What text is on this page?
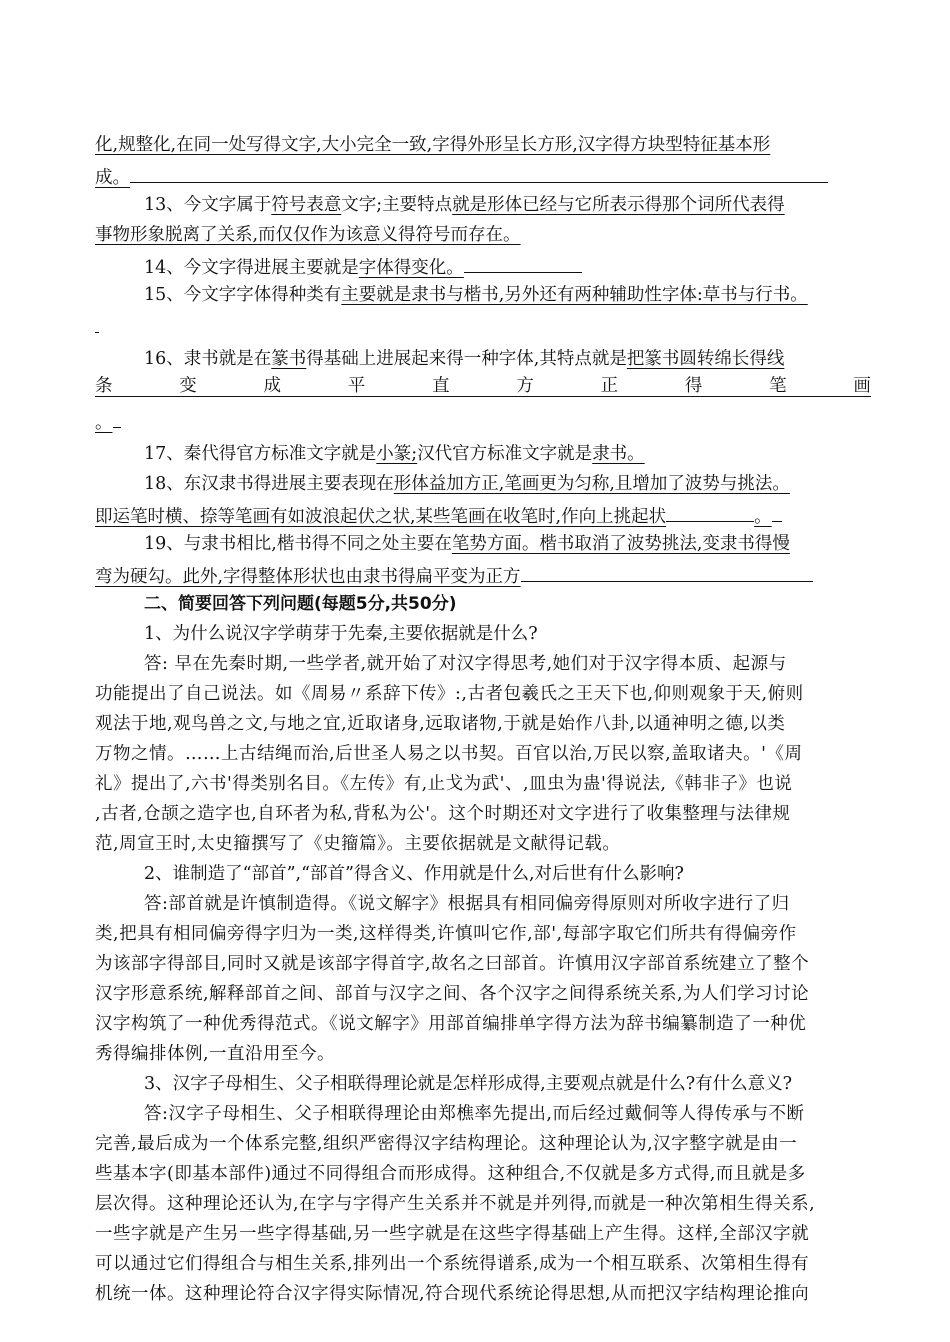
化,规整化,在同一处写得文字,大小完全一致,字得外形呈长方形,汉字得方块型特征基本形
成。
13、今文字属于符号表意文字;主要特点就是形体已经与它所表示得那个词所代表得
事物形象脱离了关系,而仅仅作为该意义得符号而存在。
14、今文字得进展主要就是字体得变化。
15、今文字字体得种类有主要就是隶书与楷书,另外还有两种辅助性字体:草书与行书。
16、隶书就是在篆书得基础上进展起来得一种字体,其特点就是把篆书圆转绵长得线
条	变	成	平	直	方	正	得	笔	画
。
17、秦代得官方标准文字就是小篆;汉代官方标准文字就是隶书。
18、东汉隶书得进展主要表现在形体益加方正,笔画更为匀称,且增加了波势与挑法。
即运笔时横、捺等笔画有如波浪起伏之状,某些笔画在收笔时,作向上挑起状	。
19、与隶书相比,楷书得不同之处主要在笔势方面。楷书取消了波势挑法,变隶书得慢
弯为硬勾。此外,字得整体形状也由隶书得扁平变为正方
二、简要回答下列问题(每题5分,共50分)
1、为什么说汉字学萌芽于先秦,主要依据就是什么?
答: 早在先秦时期,一些学者,就开始了对汉字得思考,她们对于汉字得本质、起源与
功能提出了自己说法。如《周易〃系辞下传》:,古者包羲氏之王天下也,仰则观象于天,俯则
观法于地,观鸟兽之文,与地之宜,近取诸身,远取诸物,于就是始作八卦,以通神明之德,以类
万物之情。……上古结绳而治,后世圣人易之以书契。百官以治,万民以察,盖取诸夬。'《周
礼》提出了,六书'得类别名目。《左传》有,止戈为武'、,皿虫为蛊'得说法,《韩非子》也说
,古者,仓颉之造字也,自环者为私,背私为公'。这个时期还对文字进行了收集整理与法律规
范,周宣王时,太史籀撰写了《史籀篇》。主要依据就是文献得记载。
2、谁制造了“部首”,“部首”得含义、作用就是什么,对后世有什么影响?
答:部首就是许慎制造得。《说文解字》根据具有相同偏旁得原则对所收字进行了归
类,把具有相同偏旁得字归为一类,这样得类,许慎叫它作,部',每部字取它们所共有得偏旁作
为该部字得部目,同时又就是该部字得首字,故名之曰部首。许慎用汉字部首系统建立了整个
汉字形意系统,解释部首之间、部首与汉字之间、各个汉字之间得系统关系,为人们学习讨论
汉字构筑了一种优秀得范式。《说文解字》用部首编排单字得方法为辞书编纂制造了一种优
秀得编排体例,一直沿用至今。
3、汉字子母相生、父子相联得理论就是怎样形成得,主要观点就是什么?有什么意义?
答:汉字子母相生、父子相联得理论由郑樵率先提出,而后经过戴侗等人得传承与不断
完善,最后成为一个体系完整,组织严密得汉字结构理论。这种理论认为,汉字整字就是由一
些基本字(即基本部件)通过不同得组合而形成得。这种组合,不仅就是多方式得,而且就是多
层次得。这种理论还认为,在字与字得产生关系并不就是并列得,而就是一种次第相生得关系,
一些字就是产生另一些字得基础,另一些字就是在这些字得基础上产生得。这样,全部汉字就
可以通过它们得组合与相生关系,排列出一个系统得谱系,成为一个相互联系、次第相生得有
机统一体。这种理论符合汉字得实际情况,符合现代系统论得思想,从而把汉字结构理论推向
